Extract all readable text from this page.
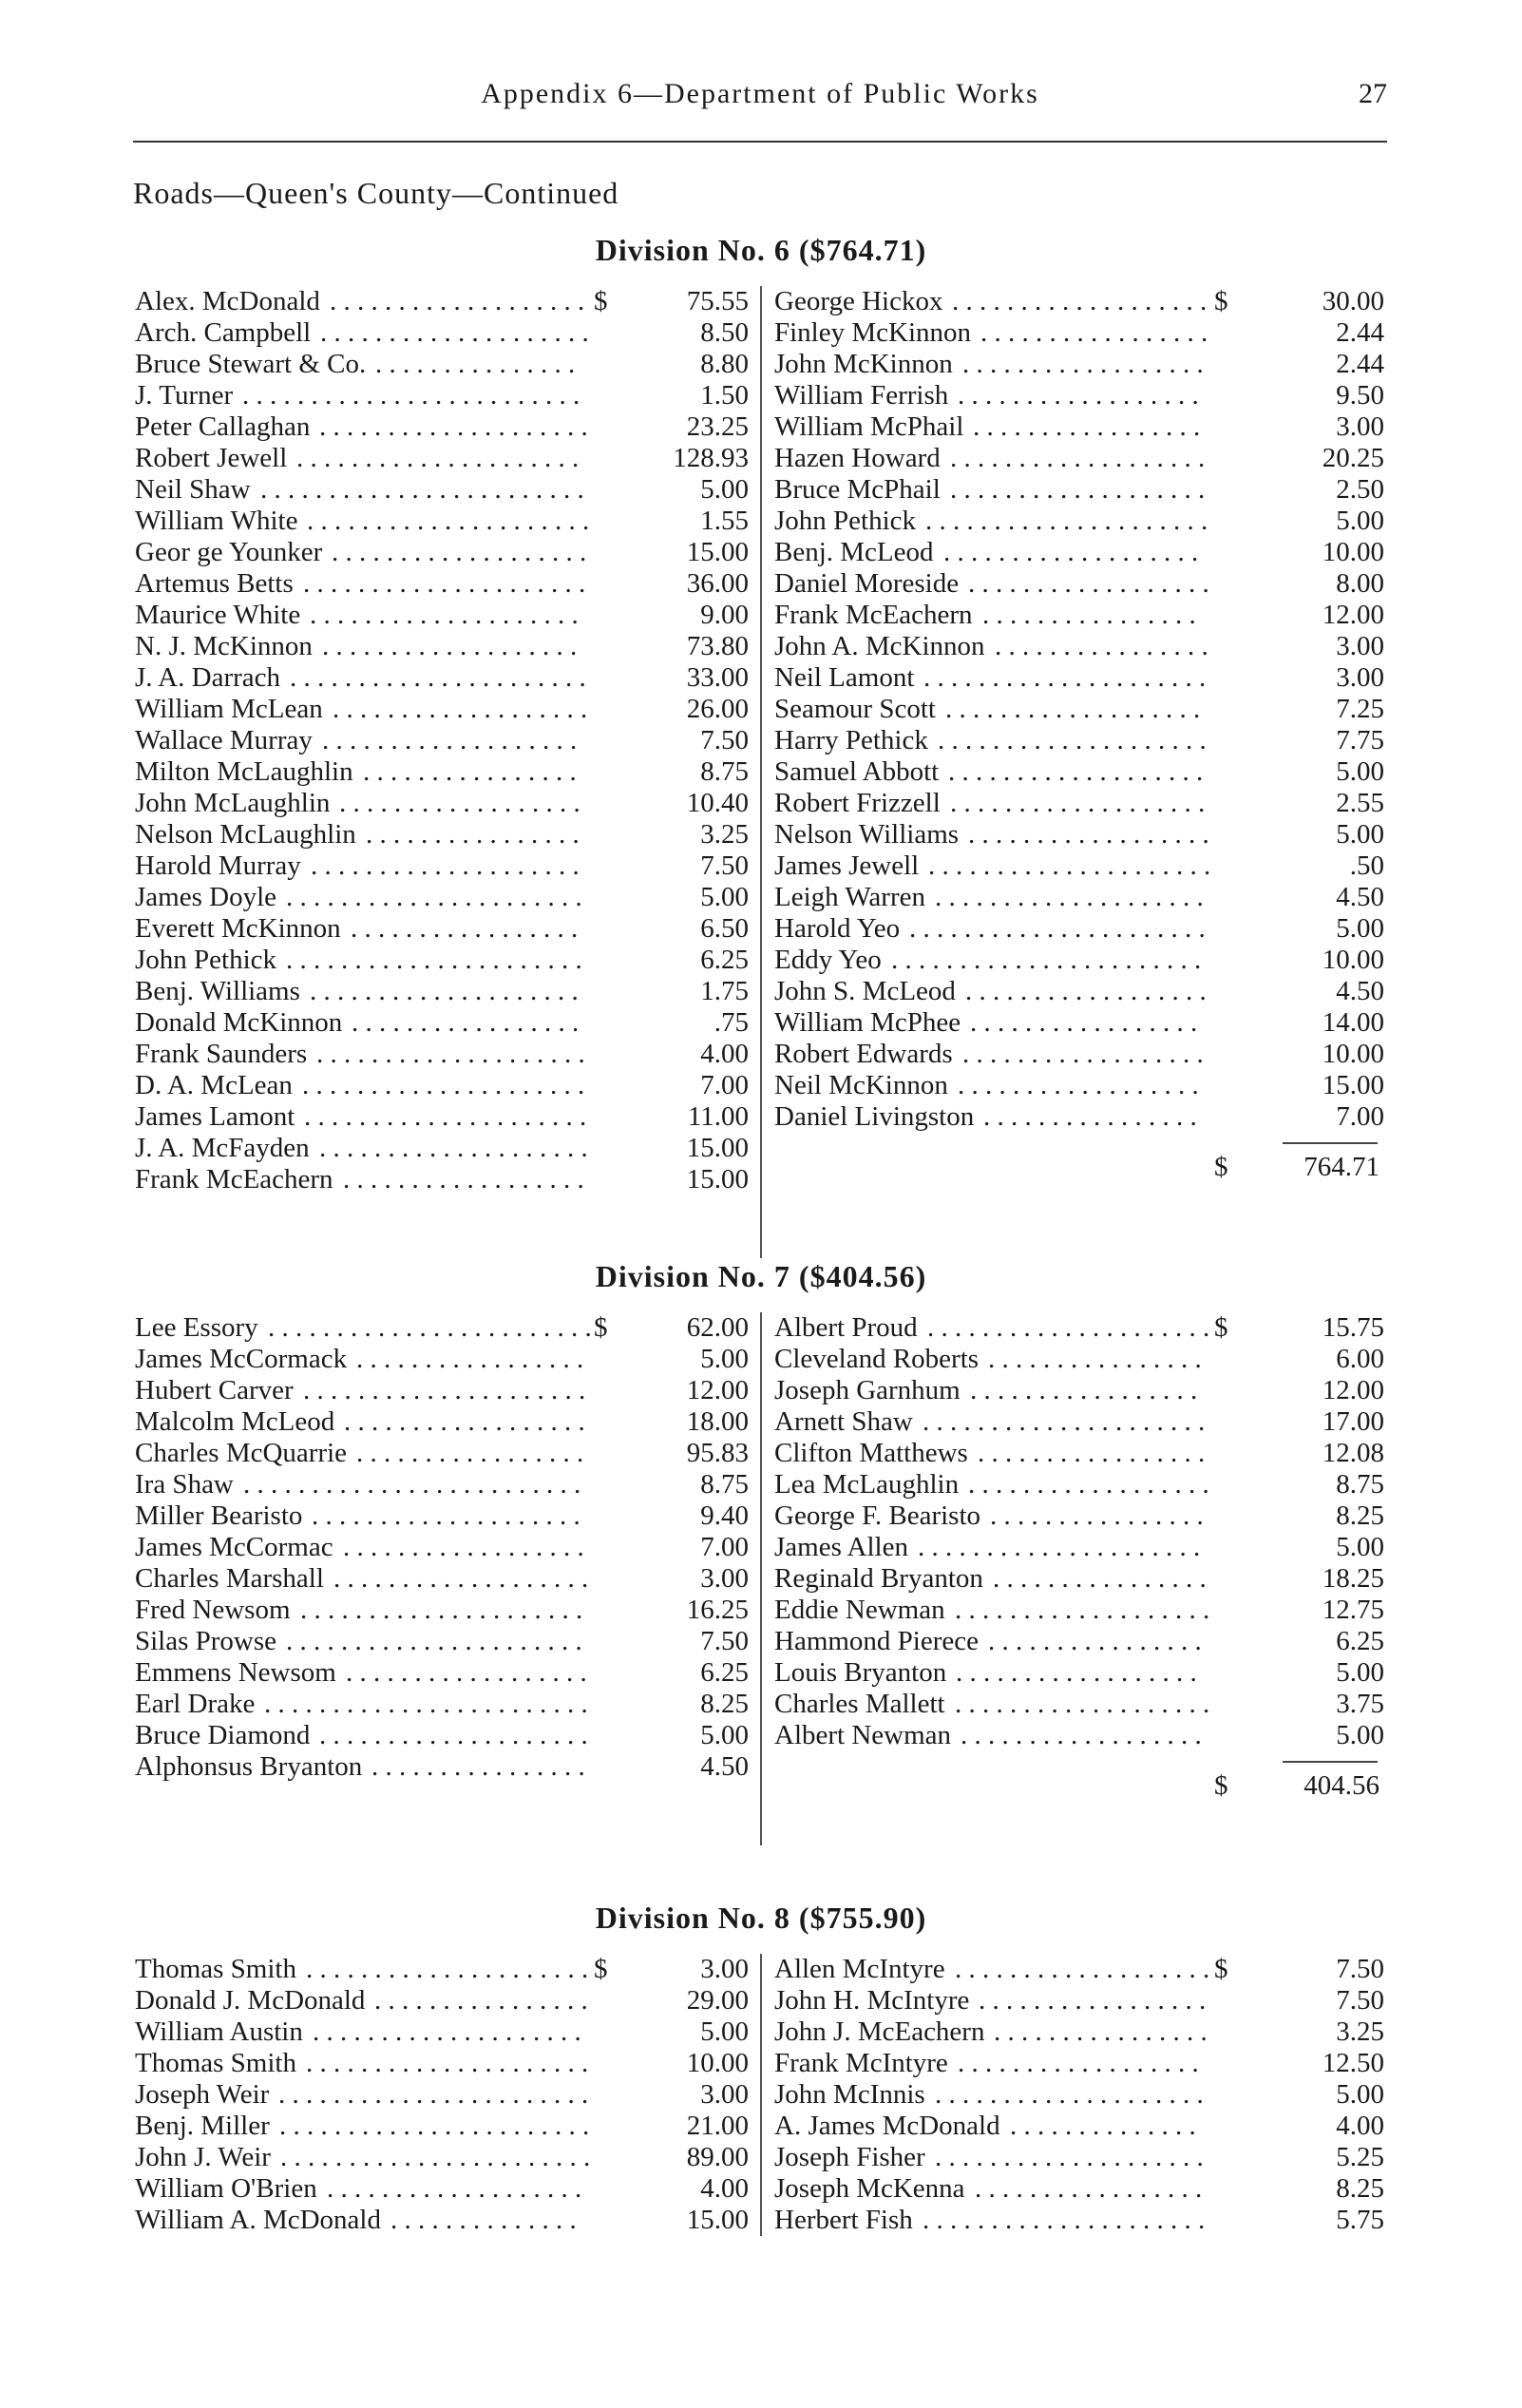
Appendix 6—Department of Public Works	27
Roads—Queen's County—Continued
Division No. 6 ($764.71)
Alex. McDonald . . . . . . . . . . . . . . . . . . . $	75.55
Arch. Campbell . . . . . . . . . . . . . . . . . . . .	8.50
Bruce Stewart & Co. . . . . . . . . . . . . . . .	8.80
J. Turner . . . . . . . . . . . . . . . . . . . . . . . . .	1.50
Peter Callaghan . . . . . . . . . . . . . . . . . . . .	23.25
Robert Jewell . . . . . . . . . . . . . . . . . . . . .	128.93
Neil Shaw . . . . . . . . . . . . . . . . . . . . . . . .	5.00
William White . . . . . . . . . . . . . . . . . . . . .	1.55
Geor ge Younker . . . . . . . . . . . . . . . . . . .	15.00
Artemus Betts . . . . . . . . . . . . . . . . . . . . .	36.00
Maurice White . . . . . . . . . . . . . . . . . . . .	9.00
N. J. McKinnon . . . . . . . . . . . . . . . . . . .	73.80
J. A. Darrach . . . . . . . . . . . . . . . . . . . . . .	33.00
William McLean . . . . . . . . . . . . . . . . . . .	26.00
Wallace Murray . . . . . . . . . . . . . . . . . . .	7.50
Milton McLaughlin . . . . . . . . . . . . . . . .	8.75
John McLaughlin . . . . . . . . . . . . . . . . . .	10.40
Nelson McLaughlin . . . . . . . . . . . . . . . .	3.25
Harold Murray . . . . . . . . . . . . . . . . . . . .	7.50
James Doyle . . . . . . . . . . . . . . . . . . . . . .	5.00
Everett McKinnon . . . . . . . . . . . . . . . . .	6.50
John Pethick . . . . . . . . . . . . . . . . . . . . . .	6.25
Benj. Williams . . . . . . . . . . . . . . . . . . . .	1.75
Donald McKinnon . . . . . . . . . . . . . . . . .	.75
Frank Saunders . . . . . . . . . . . . . . . . . . . .	4.00
D. A. McLean . . . . . . . . . . . . . . . . . . . . .	7.00
James Lamont . . . . . . . . . . . . . . . . . . . . .	11.00
J. A. McFayden . . . . . . . . . . . . . . . . . . . .	15.00
Frank McEachern . . . . . . . . . . . . . . . . . .	15.00
George Hickox . . . . . . . . . . . . . . . . . . . $	30.00
Finley McKinnon . . . . . . . . . . . . . . . . .	2.44
John McKinnon . . . . . . . . . . . . . . . . . .	2.44
William Ferrish . . . . . . . . . . . . . . . . . .	9.50
William McPhail . . . . . . . . . . . . . . . . .	3.00
Hazen Howard . . . . . . . . . . . . . . . . . . .	20.25
Bruce McPhail . . . . . . . . . . . . . . . . . . .	2.50
John Pethick . . . . . . . . . . . . . . . . . . . . .	5.00
Benj. McLeod . . . . . . . . . . . . . . . . . . .	10.00
Daniel Moreside . . . . . . . . . . . . . . . . . .	8.00
Frank McEachern . . . . . . . . . . . . . . . .	12.00
John A. McKinnon . . . . . . . . . . . . . . . .	3.00
Neil Lamont . . . . . . . . . . . . . . . . . . . . .	3.00
Seamour Scott . . . . . . . . . . . . . . . . . . .	7.25
Harry Pethick . . . . . . . . . . . . . . . . . . . .	7.75
Samuel Abbott . . . . . . . . . . . . . . . . . . .	5.00
Robert Frizzell . . . . . . . . . . . . . . . . . . .	2.55
Nelson Williams . . . . . . . . . . . . . . . . . .	5.00
James Jewell . . . . . . . . . . . . . . . . . . . . .	.50
Leigh Warren . . . . . . . . . . . . . . . . . . . .	4.50
Harold Yeo . . . . . . . . . . . . . . . . . . . . . .	5.00
Eddy Yeo . . . . . . . . . . . . . . . . . . . . . . .	10.00
John S. McLeod . . . . . . . . . . . . . . . . . .	4.50
William McPhee . . . . . . . . . . . . . . . . .	14.00
Robert Edwards . . . . . . . . . . . . . . . . . .	10.00
Neil McKinnon . . . . . . . . . . . . . . . . . .	15.00
Daniel Livingston . . . . . . . . . . . . . . . .	7.00
$	764.71
Division No. 7 ($404.56)
Lee Essory . . . . . . . . . . . . . . . . . . . . . . . . $	62.00
James McCormack . . . . . . . . . . . . . . . . .	5.00
Hubert Carver . . . . . . . . . . . . . . . . . . . . .	12.00
Malcolm McLeod . . . . . . . . . . . . . . . . . .	18.00
Charles McQuarrie . . . . . . . . . . . . . . . . .	95.83
Ira Shaw . . . . . . . . . . . . . . . . . . . . . . . . .	8.75
Miller Bearisto . . . . . . . . . . . . . . . . . . . .	9.40
James McCormac . . . . . . . . . . . . . . . . . .	7.00
Charles Marshall . . . . . . . . . . . . . . . . . . .	3.00
Fred Newsom . . . . . . . . . . . . . . . . . . . . .	16.25
Silas Prowse . . . . . . . . . . . . . . . . . . . . . .	7.50
Emmens Newsom . . . . . . . . . . . . . . . . . .	6.25
Earl Drake . . . . . . . . . . . . . . . . . . . . . . . .	8.25
Bruce Diamond . . . . . . . . . . . . . . . . . . . .	5.00
Alphonsus Bryanton . . . . . . . . . . . . . . . .	4.50
Albert Proud . . . . . . . . . . . . . . . . . . . . . $	15.75
Cleveland Roberts . . . . . . . . . . . . . . . .	6.00
Joseph Garnhum . . . . . . . . . . . . . . . . .	12.00
Arnett Shaw . . . . . . . . . . . . . . . . . . . . .	17.00
Clifton Matthews . . . . . . . . . . . . . . . . .	12.08
Lea McLaughlin . . . . . . . . . . . . . . . . . .	8.75
George F. Bearisto . . . . . . . . . . . . . . . .	8.25
James Allen . . . . . . . . . . . . . . . . . . . . .	5.00
Reginald Bryanton . . . . . . . . . . . . . . . .	18.25
Eddie Newman . . . . . . . . . . . . . . . . . . .	12.75
Hammond Pierece . . . . . . . . . . . . . . . .	6.25
Louis Bryanton . . . . . . . . . . . . . . . . . .	5.00
Charles Mallett . . . . . . . . . . . . . . . . . . .	3.75
Albert Newman . . . . . . . . . . . . . . . . . .	5.00
$	404.56
Division No. 8 ($755.90)
Thomas Smith . . . . . . . . . . . . . . . . . . . . . $	3.00
Donald J. McDonald . . . . . . . . . . . . . . . .	29.00
William Austin . . . . . . . . . . . . . . . . . . . .	5.00
Thomas Smith . . . . . . . . . . . . . . . . . . . . .	10.00
Joseph Weir . . . . . . . . . . . . . . . . . . . . . . .	3.00
Benj. Miller . . . . . . . . . . . . . . . . . . . . . . .	21.00
John J. Weir . . . . . . . . . . . . . . . . . . . . . . .	89.00
William O'Brien . . . . . . . . . . . . . . . . . . .	4.00
William A. McDonald . . . . . . . . . . . . . .	15.00
Allen McIntyre . . . . . . . . . . . . . . . . . . . $	7.50
John H. McIntyre . . . . . . . . . . . . . . . . .	7.50
John J. McEachern . . . . . . . . . . . . . . . .	3.25
Frank McIntyre . . . . . . . . . . . . . . . . . .	12.50
John McInnis . . . . . . . . . . . . . . . . . . . .	5.00
A. James McDonald . . . . . . . . . . . . . .	4.00
Joseph Fisher . . . . . . . . . . . . . . . . . . . .	5.25
Joseph McKenna . . . . . . . . . . . . . . . . .	8.25
Herbert Fish . . . . . . . . . . . . . . . . . . . . .	5.75
